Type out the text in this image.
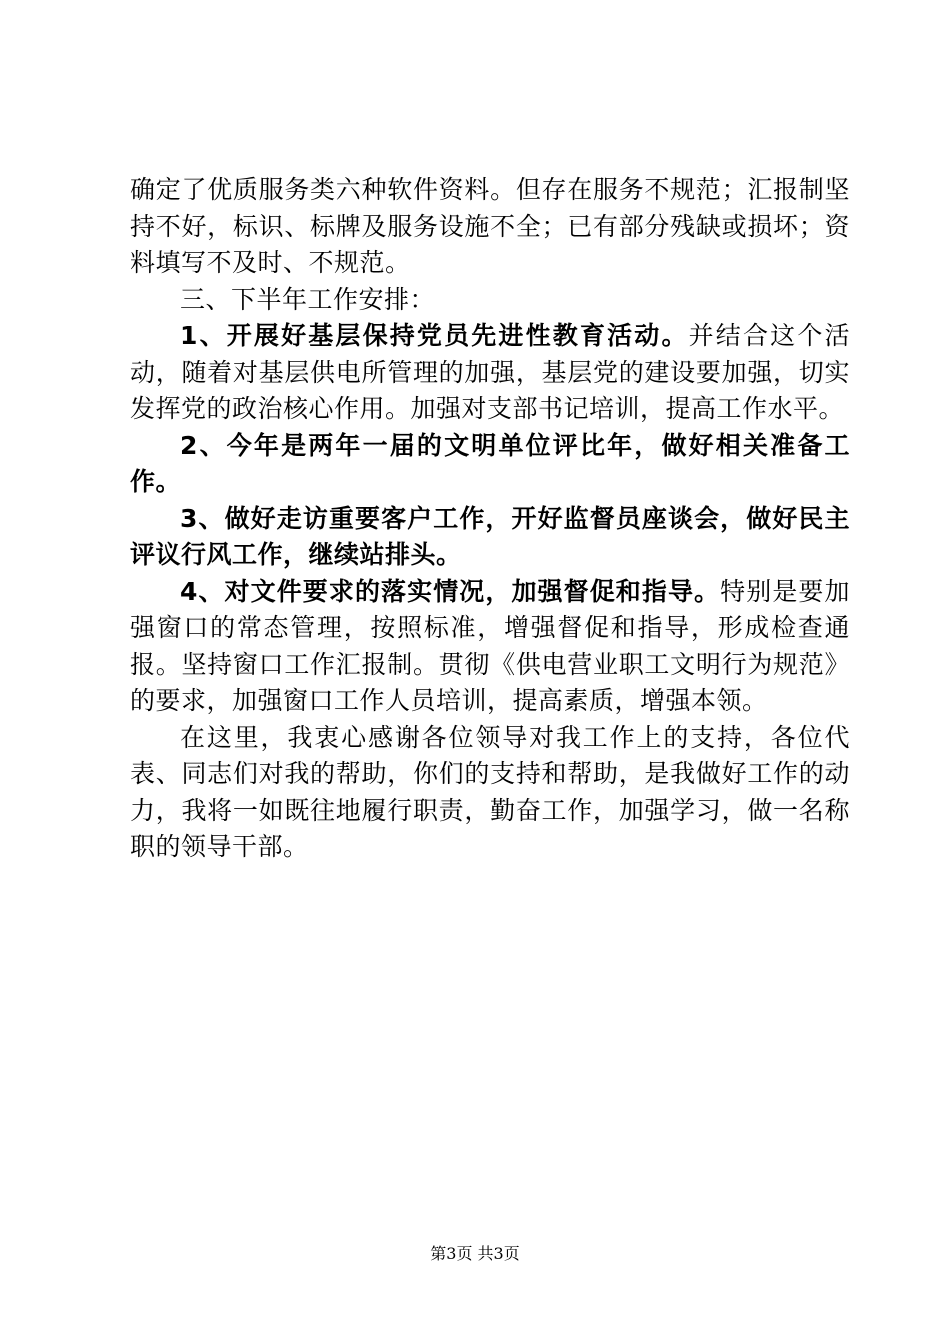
确定了优质服务类六种软件资料。但存在服务不规范；汇报制坚持不好，标识、标牌及服务设施不全；已有部分残缺或损坏；资料填写不及时、不规范。

三、下半年工作安排：

1、开展好基层保持党员先进性教育活动。并结合这个活动，随着对基层供电所管理的加强，基层党的建设要加强，切实发挥党的政治核心作用。加强对支部书记培训，提高工作水平。

2、今年是两年一届的文明单位评比年，做好相关准备工作。

3、做好走访重要客户工作，开好监督员座谈会，做好民主评议行风工作，继续站排头。

4、对文件要求的落实情况，加强督促和指导。特别是要加强窗口的常态管理，按照标准，增强督促和指导，形成检查通报。坚持窗口工作汇报制。贯彻《供电营业职工文明行为规范》的要求，加强窗口工作人员培训，提高素质，增强本领。

在这里，我衷心感谢各位领导对我工作上的支持，各位代表、同志们对我的帮助，你们的支持和帮助，是我做好工作的动力，我将一如既往地履行职责，勤奋工作，加强学习，做一名称职的领导干部。

第3页 共3页
